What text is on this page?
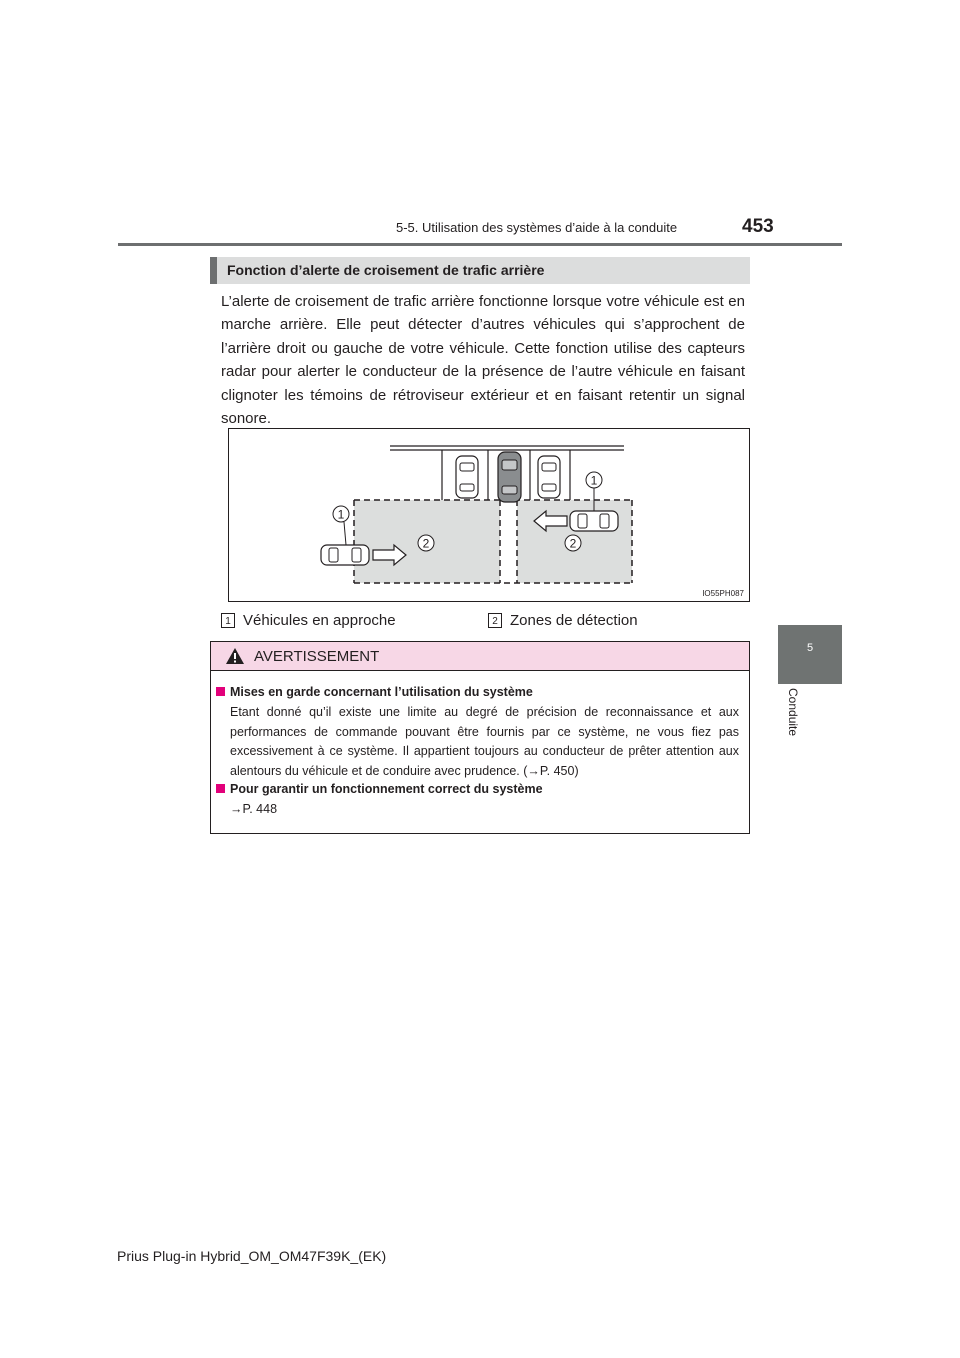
5-5. Utilisation des systèmes d’aide à la conduite	453
5
Conduite
Fonction d’alerte de croisement de trafic arrière

L’alerte de croisement de trafic arrière fonctionne lorsque votre véhicule est en marche arrière. Elle peut détecter d’autres véhicules qui s’approchent de l’arrière droit ou gauche de votre véhicule. Cette fonction utilise des capteurs radar pour alerter le conducteur de la présence de l’autre véhicule en faisant clignoter les témoins de rétroviseur extérieur et en faisant retentir un signal sonore.

1
1
2	2
IO55PH087
1 Véhicules en approche	2 Zones de détection
AVERTISSEMENT
Mises en garde concernant l’utilisation du système

Etant donné qu’il existe une limite au degré de précision de reconnaissance et aux performances de commande pouvant être fournis par ce système, ne vous fiez pas excessivement à ce système. Il appartient toujours au conducteur de prêter attention aux alentours du véhicule et de conduire avec prudence. (→P. 450)

Pour garantir un fonctionnement correct du système

→P. 448

Prius Plug-in Hybrid_OM_OM47F39K_(EK)
